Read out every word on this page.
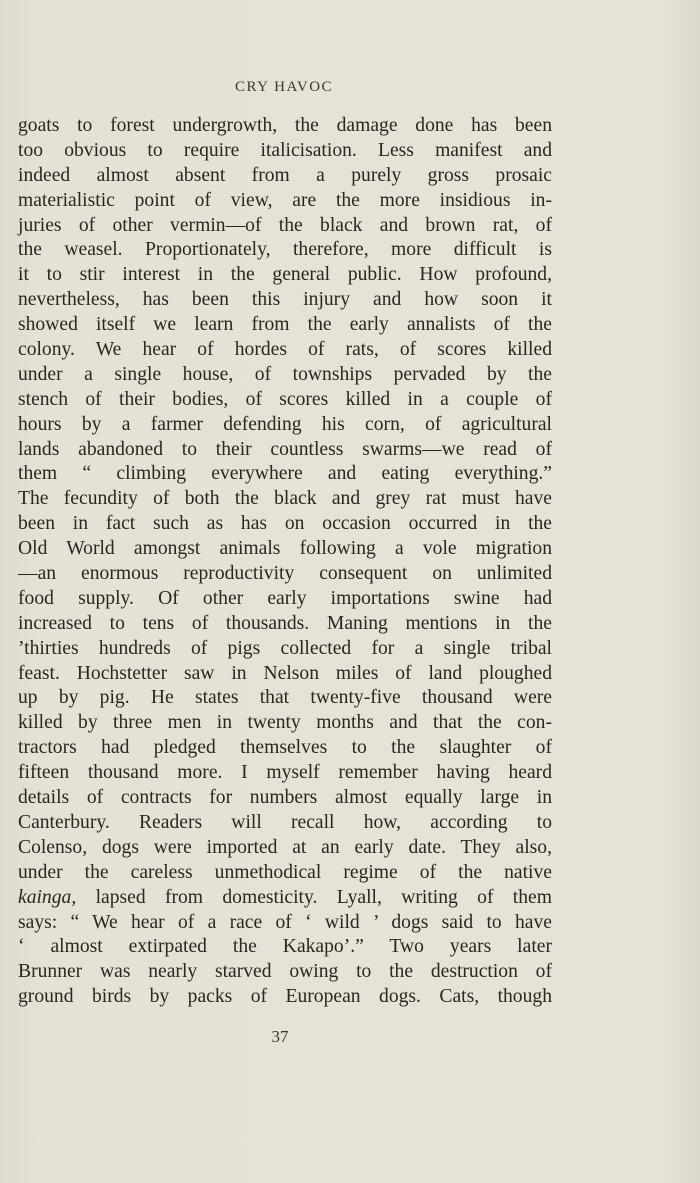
CRY HAVOC
goats to forest undergrowth, the damage done has been
too obvious to require italicisation. Less manifest and
indeed almost absent from a purely gross prosaic
materialistic point of view, are the more insidious in-
juries of other vermin—of the black and brown rat, of
the weasel. Proportionately, therefore, more difficult is
it to stir interest in the general public. How profound,
nevertheless, has been this injury and how soon it
showed itself we learn from the early annalists of the
colony. We hear of hordes of rats, of scores killed
under a single house, of townships pervaded by the
stench of their bodies, of scores killed in a couple of
hours by a farmer defending his corn, of agricultural
lands abandoned to their countless swarms—we read of
them “ climbing everywhere and eating everything.”
The fecundity of both the black and grey rat must have
been in fact such as has on occasion occurred in the
Old World amongst animals following a vole migration
—an enormous reproductivity consequent on unlimited
food supply. Of other early importations swine had
increased to tens of thousands. Maning mentions in the
’thirties hundreds of pigs collected for a single tribal
feast. Hochstetter saw in Nelson miles of land ploughed
up by pig. He states that twenty-five thousand were
killed by three men in twenty months and that the con-
tractors had pledged themselves to the slaughter of
fifteen thousand more. I myself remember having heard
details of contracts for numbers almost equally large in
Canterbury. Readers will recall how, according to
Colenso, dogs were imported at an early date. They also,
under the careless unmethodical regime of the native
kainga, lapsed from domesticity. Lyall, writing of them
says: “ We hear of a race of ‘ wild ’ dogs said to have
‘ almost extirpated the Kakapo’.” Two years later
Brunner was nearly starved owing to the destruction of
ground birds by packs of European dogs. Cats, though
37
